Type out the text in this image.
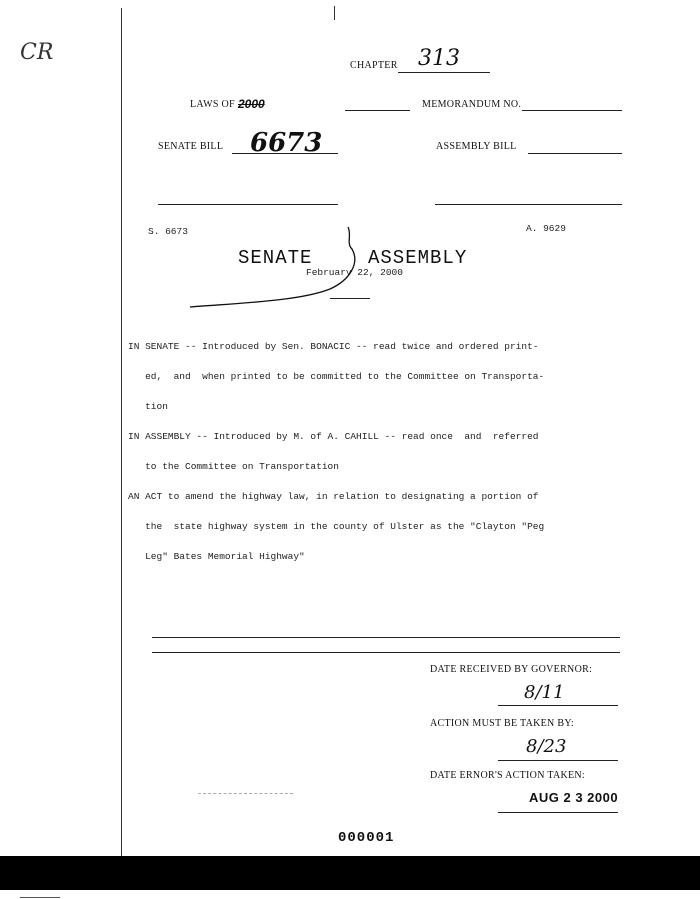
CR
CHAPTER 313
LAWS OF 2000	MEMORANDUM NO.
SENATE BILL 6673	ASSEMBLY BILL
S. 6673	A. 9629
SENATE	ASSEMBLY
February 22, 2000

IN SENATE -- Introduced by Sen. BONACIC -- read twice and ordered print-

ed,  and  when printed to be committed to the Committee on Transporta-

tion

IN ASSEMBLY -- Introduced by M. of A. CAHILL -- read once  and  referred

to the Committee on Transportation

AN ACT to amend the highway law, in relation to designating a portion of

the  state highway system in the county of Ulster as the "Clayton "Peg

Leg" Bates Memorial Highway"

DATE RECEIVED BY GOVERNOR:
8/11
ACTION MUST BE TAKEN BY:
8/23
DATE ERNOR'S ACTION TAKEN:
AUG 2 3 2000
000001
